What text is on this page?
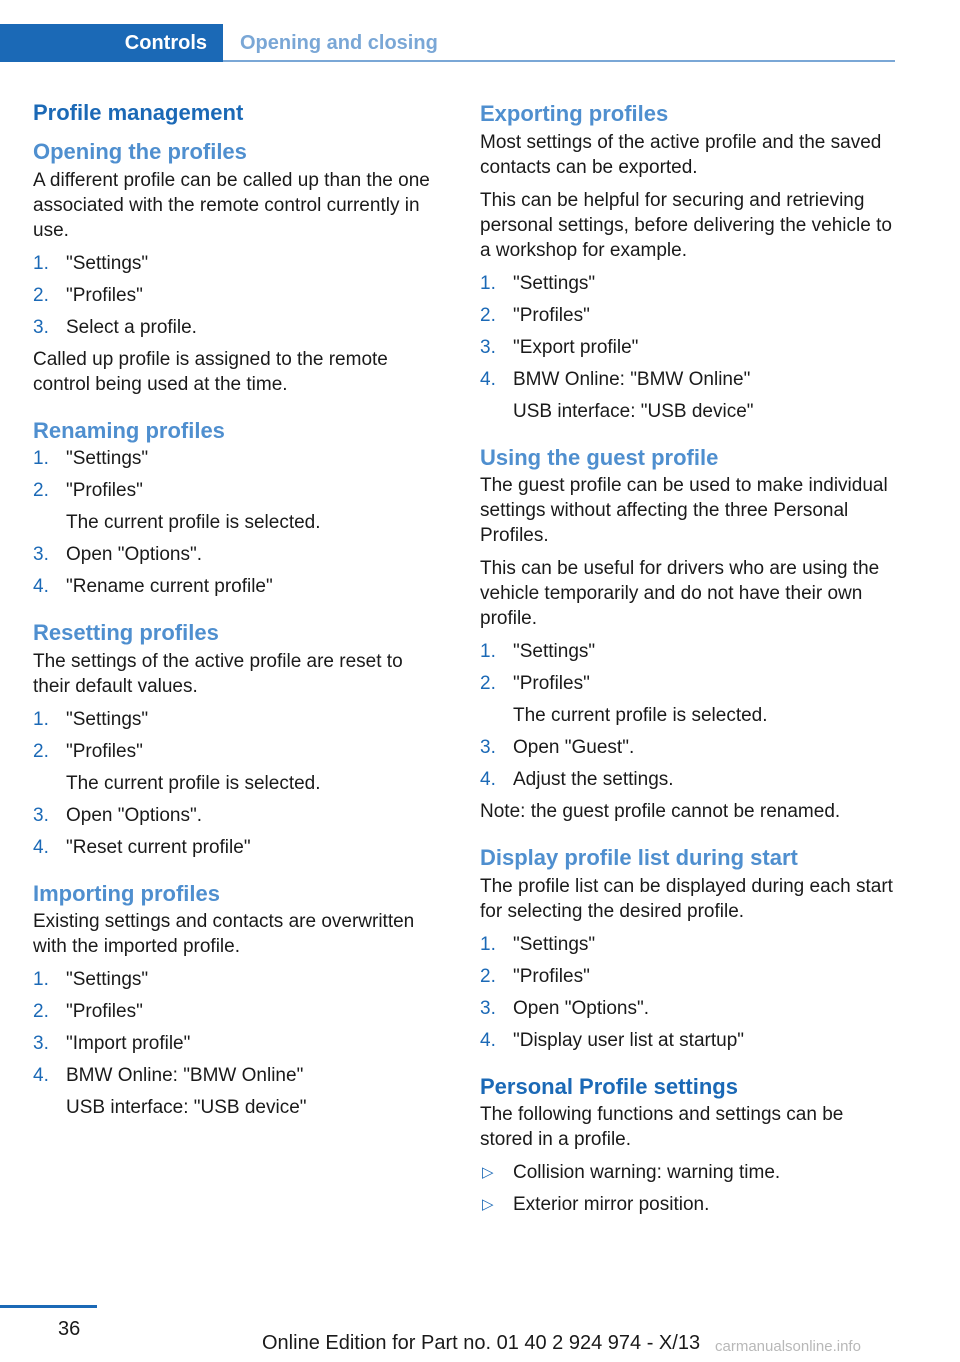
Controls	Opening and closing
Profile management
Opening the profiles

A different profile can be called up than the one associated with the remote control currently in use.

1. "Settings"
2. "Profiles"
3. Select a profile.

Called up profile is assigned to the remote control being used at the time.

Renaming profiles
1. "Settings"
2. "Profiles"
The current profile is selected.
3. Open "Options".
4. "Rename current profile"
Resetting profiles

The settings of the active profile are reset to their default values.

1. "Settings"
2. "Profiles"
The current profile is selected.
3. Open "Options".
4. "Reset current profile"
Importing profiles

Existing settings and contacts are overwritten with the imported profile.

1. "Settings"
2. "Profiles"
3. "Import profile"
4. BMW Online: "BMW Online"
USB interface: "USB device"
Exporting profiles

Most settings of the active profile and the saved contacts can be exported.

This can be helpful for securing and retrieving personal settings, before delivering the vehicle to a workshop for example.

1. "Settings"
2. "Profiles"
3. "Export profile"
4. BMW Online: "BMW Online"
USB interface: "USB device"
Using the guest profile

The guest profile can be used to make individual settings without affecting the three Personal Profiles.

This can be useful for drivers who are using the vehicle temporarily and do not have their own profile.

1. "Settings"
2. "Profiles"
The current profile is selected.
3. Open "Guest".
4. Adjust the settings.

Note: the guest profile cannot be renamed.

Display profile list during start

The profile list can be displayed during each start for selecting the desired profile.

1. "Settings"
2. "Profiles"
3. Open "Options".
4. "Display user list at startup"
Personal Profile settings

The following functions and settings can be stored in a profile.

▷ Collision warning: warning time.
▷ Exterior mirror position.
36
Online Edition for Part no. 01 40 2 924 974 - X/13 carmanualsonline.info
